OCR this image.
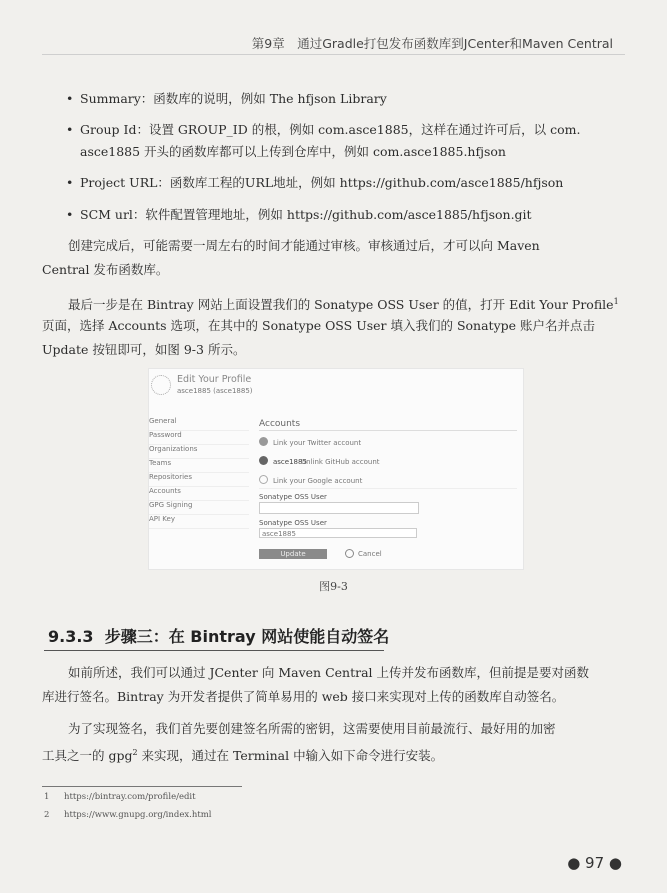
第9章　通过Gradle打包发布函数库到JCenter和Maven Central
• Summary：函数库的说明，例如 The hfjson Library
• Group Id：设置 GROUP_ID 的根，例如 com.asce1885，这样在通过许可后，以 com.
asce1885 开头的函数库都可以上传到仓库中，例如 com.asce1885.hfjson
• Project URL：函数库工程的URL地址，例如 https://github.com/asce1885/hfjson
• SCM url：软件配置管理地址，例如 https://github.com/asce1885/hfjson.git
创建完成后，可能需要一周左右的时间才能通过审核。审核通过后，才可以向 Maven
Central 发布函数库。
最后一步是在 Bintray 网站上面设置我们的 Sonatype OSS User 的值，打开 Edit Your Profile$^1$
页面，选择 Accounts 选项，在其中的 Sonatype OSS User 填入我们的 Sonatype 账户名并点击
Update 按钮即可，如图 9-3 所示。
Edit Your Profile
asce1885 (asce1885)
General
Password
Organizations
Teams
Repositories
Accounts
GPG Signing
API Key
Accounts
Link your Twitter account
asce1885
Unlink GitHub account
Link your Google account
Sonatype OSS User
Sonatype OSS User
asce1885
Update	Cancel
图9-3
9.3.3 步骤三：在 Bintray 网站使能自动签名
如前所述，我们可以通过 JCenter 向 Maven Central 上传并发布函数库，但前提是要对函数
库进行签名。Bintray 为开发者提供了简单易用的 web 接口来实现对上传的函数库自动签名。
为了实现签名，我们首先要创建签名所需的密钥，这需要使用目前最流行、最好用的加密
工具之一的 gpg$^2$ 来实现，通过在 Terminal 中输入如下命令进行安装。
1 https://bintray.com/profile/edit
2 https://www.gnupg.org/index.html
● 97 ●
